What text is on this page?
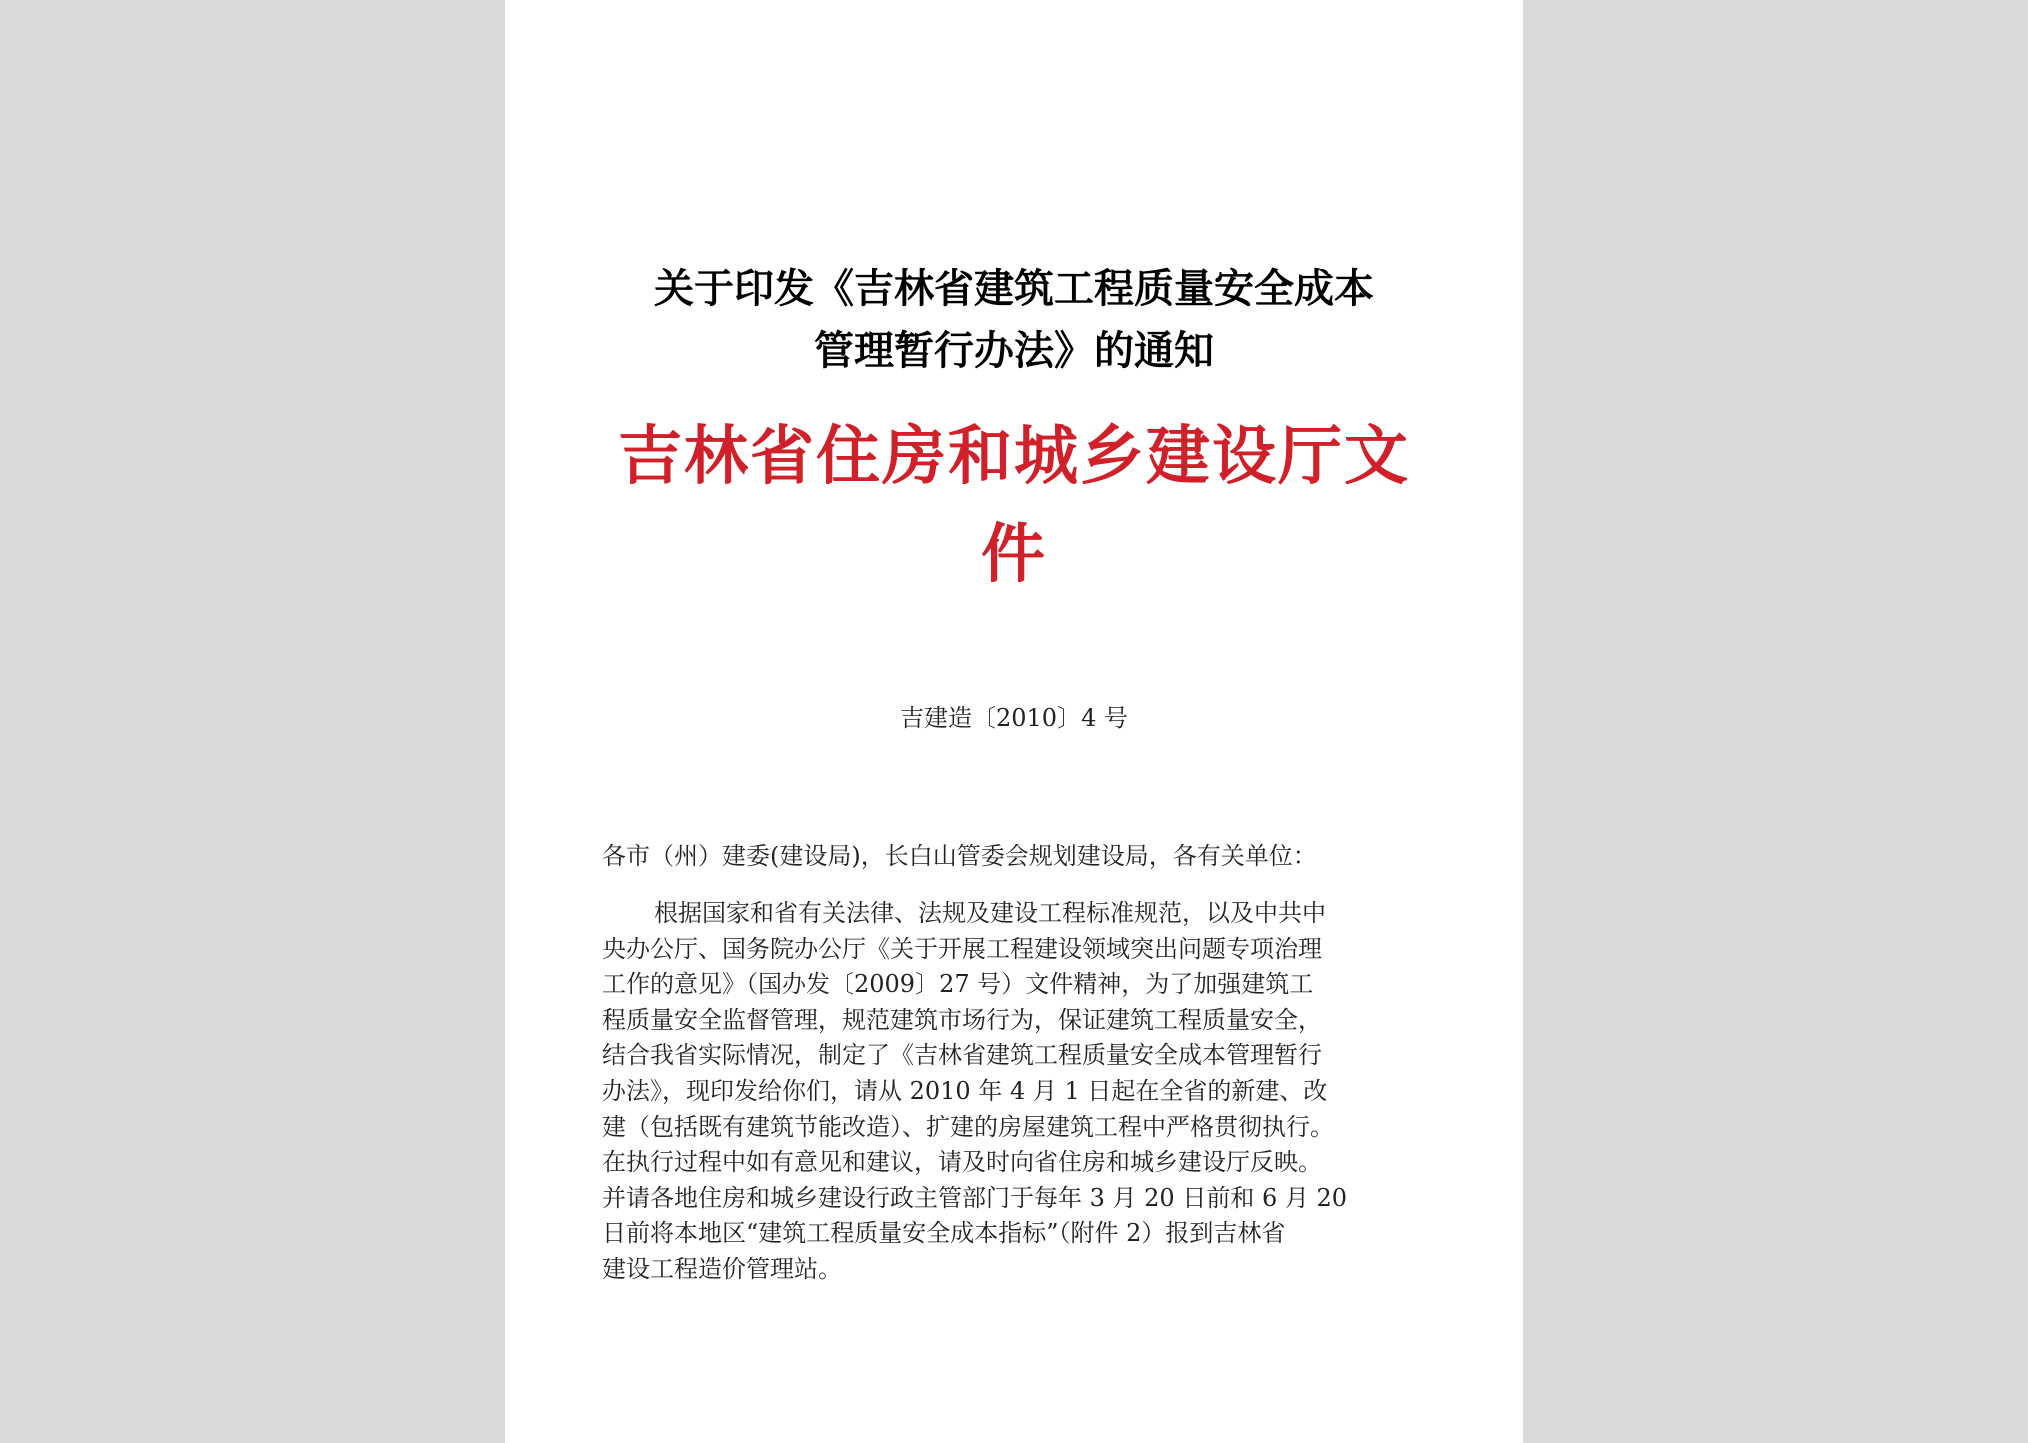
关于印发《吉林省建筑工程质量安全成本
管理暂行办法》的通知
吉林省住房和城乡建设厅文
件
吉建造〔2010〕4 号
各市（州）建委(建设局)，长白山管委会规划建设局，各有关单位：
根据国家和省有关法律、法规及建设工程标准规范，以及中共中
央办公厅、国务院办公厅《关于开展工程建设领域突出问题专项治理
工作的意见》（国办发〔2009〕27 号）文件精神，为了加强建筑工
程质量安全监督管理，规范建筑市场行为，保证建筑工程质量安全，
结合我省实际情况，制定了《吉林省建筑工程质量安全成本管理暂行
办法》，现印发给你们，请从 2010 年 4 月 1 日起在全省的新建、改
建（包括既有建筑节能改造）、扩建的房屋建筑工程中严格贯彻执行。
在执行过程中如有意见和建议，请及时向省住房和城乡建设厅反映。
并请各地住房和城乡建设行政主管部门于每年 3 月 20 日前和 6 月 20
日前将本地区“建筑工程质量安全成本指标”（附件 2）报到吉林省
建设工程造价管理站。
